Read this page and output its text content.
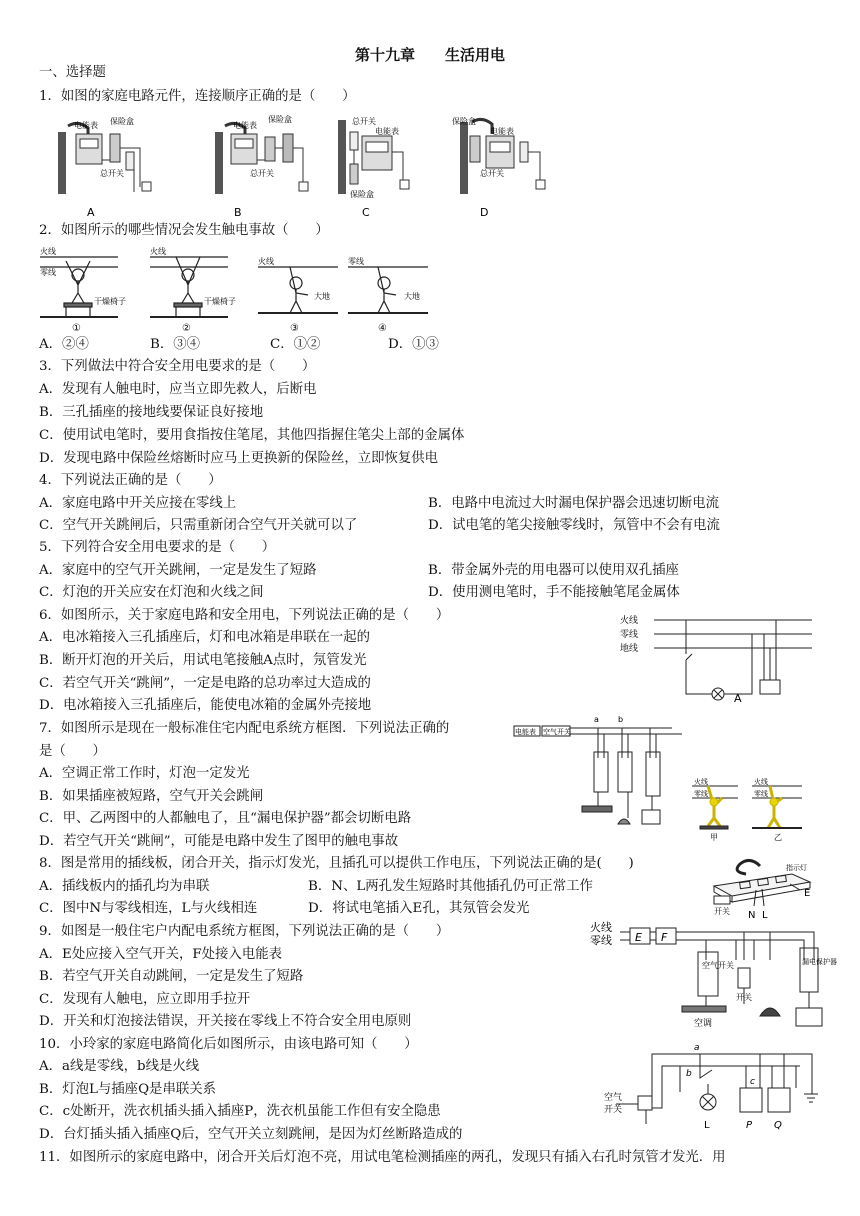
第十九章　　生活用电
一、选择题
1．如图的家庭电路元件，连接顺序正确的是（　　）
电能表 保险盒
总开关
电能表
保险盒
总开关
总开关
电能表
保险盒
保险盒
电能表
总开关
A	B	C	D
2．如图所示的哪些情况会发生触电事故（　　）
火线
零线
干燥椅子
火线
干燥椅子
火线
大地
零线
大地
①	②	③	④
A．②④	B．③④	C．①②	D．①③
3．下列做法中符合安全用电要求的是（　　）
A．发现有人触电时，应当立即先救人，后断电
B．三孔插座的接地线要保证良好接地
C．使用试电笔时，要用食指按住笔尾，其他四指握住笔尖上部的金属体
D．发现电路中保险丝熔断时应马上更换新的保险丝，立即恢复供电
4．下列说法正确的是（　　）
A．家庭电路中开关应接在零线上	B．电路中电流过大时漏电保护器会迅速切断电流
C．空气开关跳闸后，只需重新闭合空气开关就可以了	D．试电笔的笔尖接触零线时，氖管中不会有电流
5．下列符合安全用电要求的是（　　）
A．家庭中的空气开关跳闸，一定是发生了短路	B．带金属外壳的用电器可以使用双孔插座
C．灯泡的开关应安在灯泡和火线之间	D．使用测电笔时，手不能接触笔尾金属体
6．如图所示，关于家庭电路和安全用电，下列说法正确的是（　　）
A．电冰箱接入三孔插座后，灯和电冰箱是串联在一起的
B．断开灯泡的开关后，用试电笔接触A点时，氖管发光
C．若空气开关“跳闸”，一定是电路的总功率过大造成的
D．电冰箱接入三孔插座后，能使电冰箱的金属外壳接地
火线
零线
地线
A
7．如图所示是现在一般标准住宅内配电系统方框图．下列说法正确的
是（　　）
A．空调正常工作时，灯泡一定发光
B．如果插座被短路，空气开关会跳闸
C．甲、乙两图中的人都触电了，且“漏电保护器”都会切断电路
D．若空气开关“跳闸”，可能是电路中发生了图甲的触电事故
电能表 空气开关
a b
火线
零线
火线
零线
甲	乙
8．图是常用的插线板，闭合开关，指示灯发光，且插孔可以提供工作电压，下列说法正确的是(　　)
A．插线板内的插孔均为串联	B．N、L两孔发生短路时其他插孔仍可正常工作
C．图中N与零线相连，L与火线相连	D．将试电笔插入E孔，其氖管会发光
指示灯
开关 N L
E
9．如图是一般住宅户内配电系统方框图，下列说法正确的是（　　）
A．E处应接入空气开关，F处接入电能表
B．若空气开关自动跳闸，一定是发生了短路
C．发现有人触电，应立即用手拉开
D．开关和灯泡接法错误，开关接在零线上不符合安全用电原则
火线
零线 E F
空气开关
开关
漏电保护器
空调
10．小玲家的家庭电路简化后如图所示，由该电路可知（　　）
A．a线是零线，b线是火线
B．灯泡L与插座Q是串联关系
C．c处断开，洗衣机插头插入插座P，洗衣机虽能工作但有安全隐患
D．台灯插头插入插座Q后，空气开关立刻跳闸，是因为灯丝断路造成的
空气
开关
a
b
c
L	P Q
11．如图所示的家庭电路中，闭合开关后灯泡不亮，用试电笔检测插座的两孔，发现只有插入右孔时氖管才发光．用
